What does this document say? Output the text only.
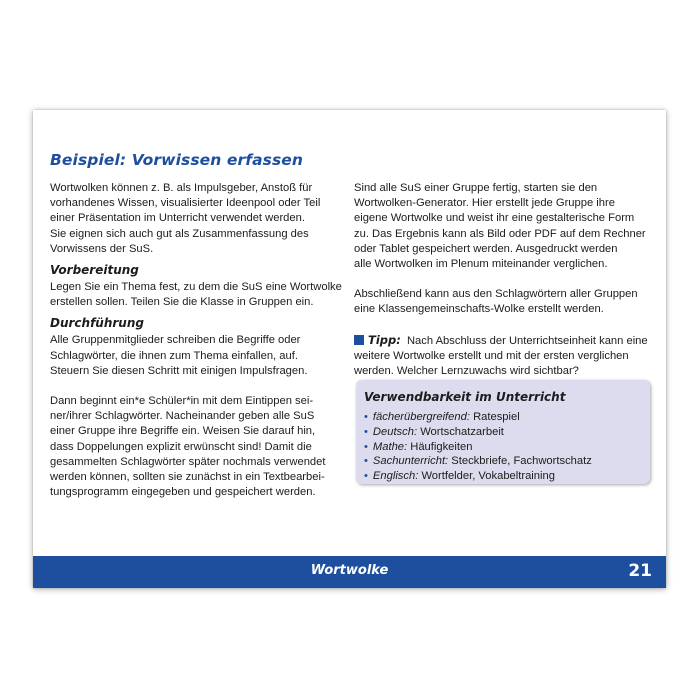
Beispiel: Vorwissen erfassen

Wortwolken können z. B. als Impulsgeber, Anstoß für
vorhandenes Wissen, visualisierter Ideenpool oder Teil
einer Präsentation im Unterricht verwendet werden.
Sie eignen sich auch gut als Zusammenfassung des
Vorwissens der SuS.

Vorbereitung

Legen Sie ein Thema fest, zu dem die SuS eine Wortwolke
erstellen sollen. Teilen Sie die Klasse in Gruppen ein.

Durchführung

Alle Gruppenmitglieder schreiben die Begriffe oder
Schlagwörter, die ihnen zum Thema einfallen, auf.
Steuern Sie diesen Schritt mit einigen Impulsfragen.

Dann beginnt ein*e Schüler*in mit dem Eintippen sei-
ner/ihrer Schlagwörter. Nacheinander geben alle SuS
einer Gruppe ihre Begriffe ein. Weisen Sie darauf hin,
dass Doppelungen explizit erwünscht sind! Damit die
gesammelten Schlagwörter später nochmals verwendet
werden können, sollten sie zunächst in ein Textbearbei-
tungsprogramm eingegeben und gespeichert werden.

Sind alle SuS einer Gruppe fertig, starten sie den
Wortwolken-Generator. Hier erstellt jede Gruppe ihre
eigene Wortwolke und weist ihr eine gestalterische Form
zu. Das Ergebnis kann als Bild oder PDF auf dem Rechner
oder Tablet gespeichert werden. Ausgedruckt werden
alle Wortwolken im Plenum miteinander verglichen.

Abschließend kann aus den Schlagwörtern aller Gruppen
eine Klassengemeinschafts-Wolke erstellt werden.

Tipp: Nach Abschluss der Unterrichtseinheit kann eine
weitere Wortwolke erstellt und mit der ersten verglichen
werden. Welcher Lernzuwachs wird sichtbar?

Verwendbarkeit im Unterricht
• fächerübergreifend: Ratespiel
• Deutsch: Wortschatzarbeit
• Mathe: Häufigkeiten
• Sachunterricht: Steckbriefe, Fachwortschatz
• Englisch: Wortfelder, Vokabeltraining
Wortwolke	21
